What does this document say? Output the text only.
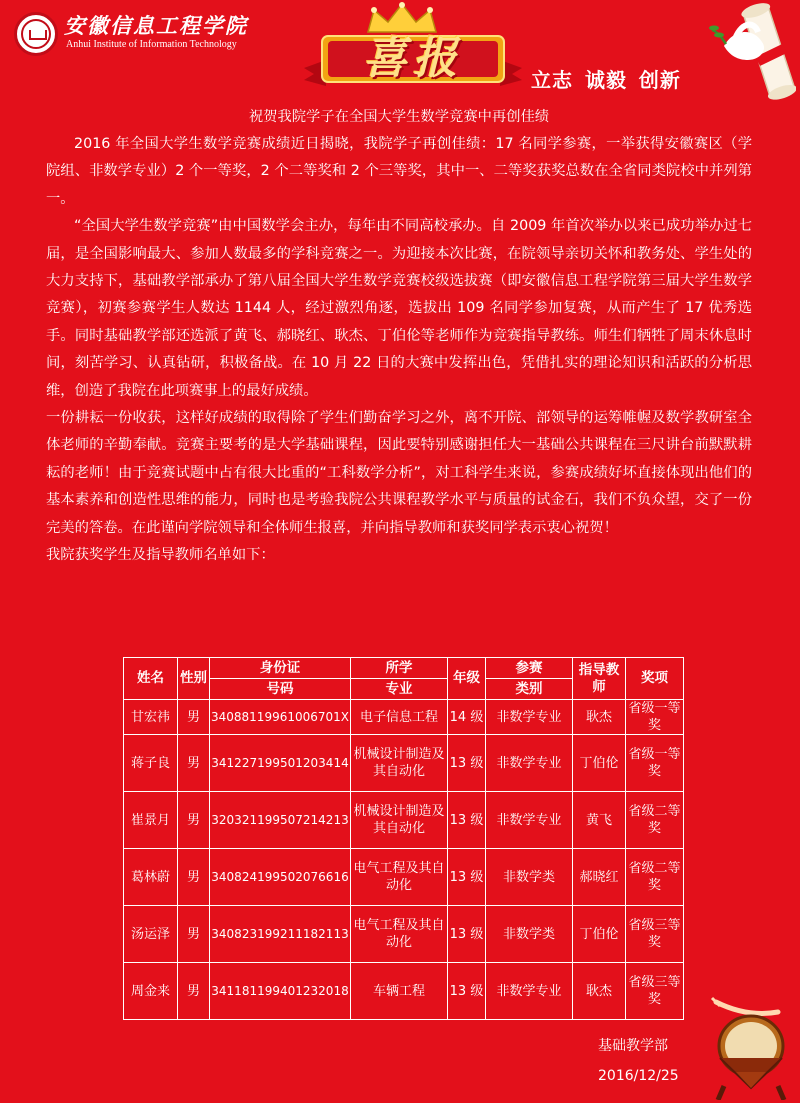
安徽信息工程学院
Anhui Institute of Information Technology	喜报	立志 诚毅 创新
祝贺我院学子在全国大学生数学竞赛中再创佳绩

2016 年全国大学生数学竞赛成绩近日揭晓，我院学子再创佳绩：17 名同学参赛，一举获得安徽赛区（学院组、非数学专业）2 个一等奖，2 个二等奖和 2 个三等奖，其中一、二等奖获奖总数在全省同类院校中并列第一。

“全国大学生数学竞赛”由中国数学会主办，每年由不同高校承办。自 2009 年首次举办以来已成功举办过七届，是全国影响最大、参加人数最多的学科竞赛之一。为迎接本次比赛，在院领导亲切关怀和教务处、学生处的大力支持下，基础教学部承办了第八届全国大学生数学竞赛校级选拔赛（即安徽信息工程学院第三届大学生数学竞赛），初赛参赛学生人数达 1144 人，经过激烈角逐，选拔出 109 名同学参加复赛，从而产生了 17 优秀选手。同时基础教学部还选派了黄飞、郝晓红、耿杰、丁伯伦等老师作为竞赛指导教练。师生们牺牲了周末休息时间，刻苦学习、认真钻研，积极备战。在 10 月 22 日的大赛中发挥出色，凭借扎实的理论知识和活跃的分析思维，创造了我院在此项赛事上的最好成绩。

一份耕耘一份收获，这样好成绩的取得除了学生们勤奋学习之外，离不开院、部领导的运筹帷幄及数学教研室全体老师的辛勤奉献。竞赛主要考的是大学基础课程，因此要特别感谢担任大一基础公共课程在三尺讲台前默默耕耘的老师！由于竞赛试题中占有很大比重的“工科数学分析”，对工科学生来说，参赛成绩好坏直接体现出他们的基本素养和创造性思维的能力，同时也是考验我院公共课程教学水平与质量的试金石，我们不负众望，交了一份完美的答卷。在此谨向学院领导和全体师生报喜，并向指导教师和获奖同学表示衷心祝贺！

我院获奖学生及指导教师名单如下：

姓名	性别	身份证	所学	年级	参赛	指导教师	奖项
		号码	专业		类别		
甘宏祎	男	34088119961006701X	电子信息工程	14 级	非数学专业	耿杰	省级一等奖
蒋子良	男	341227199501203414	机械设计制造及其自动化	13 级	非数学专业	丁伯伦	省级一等奖
崔景月	男	320321199507214213	机械设计制造及其自动化	13 级	非数学专业	黄飞	省级二等奖
葛林蔚	男	340824199502076616	电气工程及其自动化	13 级	非数学类	郝晓红	省级二等奖
汤运泽	男	340823199211182113	电气工程及其自动化	13 级	非数学类	丁伯伦	省级三等奖
周金来	男	341181199401232018	车辆工程	13 级	非数学专业	耿杰	省级三等奖
基础教学部
2016/12/25
